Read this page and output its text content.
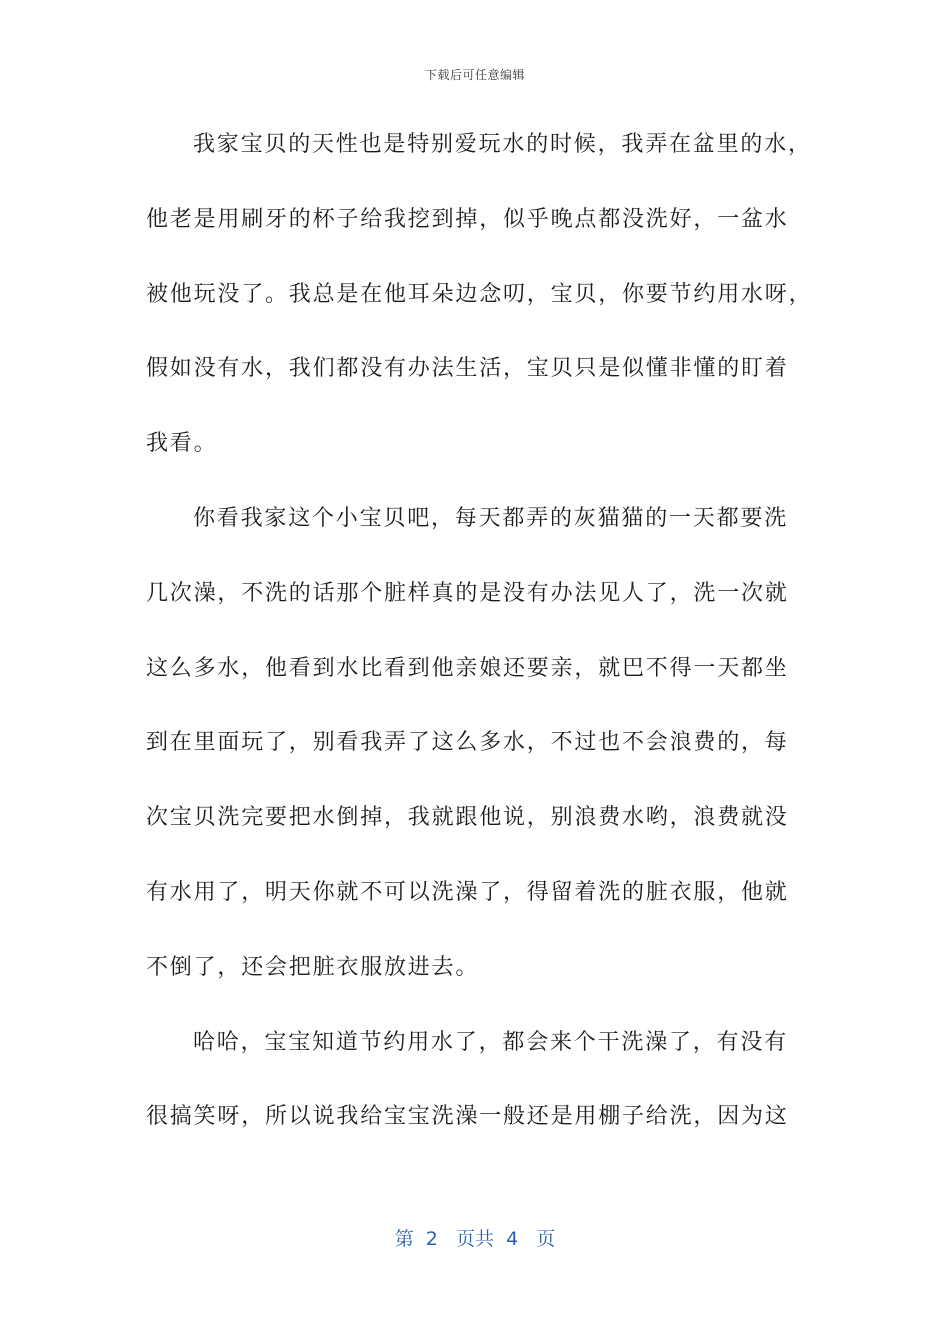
下载后可任意编辑
我家宝贝的天性也是特别爱玩水的时候，我弄在盆里的水，
他老是用刷牙的杯子给我挖到掉，似乎晚点都没洗好，一盆水
被他玩没了。我总是在他耳朵边念叨，宝贝，你要节约用水呀，
假如没有水，我们都没有办法生活，宝贝只是似懂非懂的盯着
我看。
你看我家这个小宝贝吧，每天都弄的灰猫猫的一天都要洗
几次澡，不洗的话那个脏样真的是没有办法见人了，洗一次就
这么多水，他看到水比看到他亲娘还要亲，就巴不得一天都坐
到在里面玩了，别看我弄了这么多水，不过也不会浪费的，每
次宝贝洗完要把水倒掉，我就跟他说，别浪费水哟，浪费就没
有水用了，明天你就不可以洗澡了，得留着洗的脏衣服，他就
不倒了，还会把脏衣服放进去。
哈哈，宝宝知道节约用水了，都会来个干洗澡了，有没有
很搞笑呀，所以说我给宝宝洗澡一般还是用棚子给洗，因为这
第  2   页共  4   页
